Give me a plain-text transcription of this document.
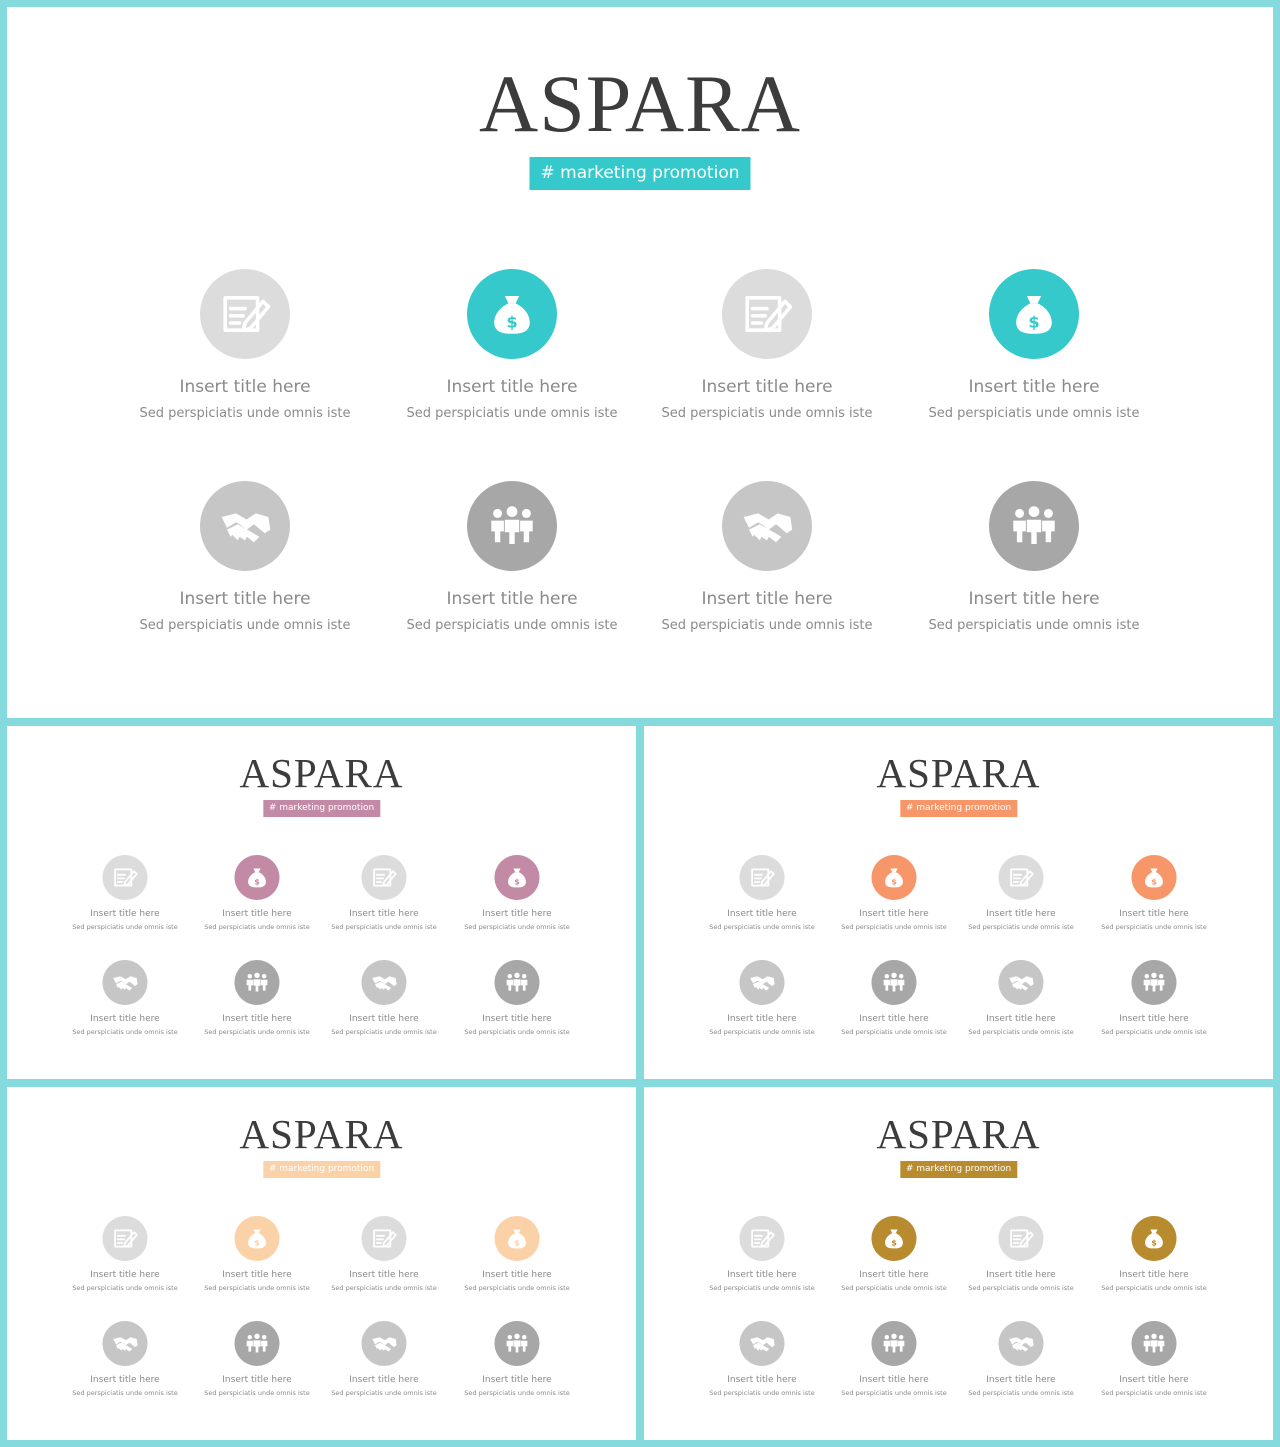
ASPARA
# marketing promotion
Insert title here
Sed perspiciatis unde omnis iste
$
Insert title here
Sed perspiciatis unde omnis iste
Insert title here
Sed perspiciatis unde omnis iste
$
Insert title here
Sed perspiciatis unde omnis iste
Insert title here
Sed perspiciatis unde omnis iste
Insert title here
Sed perspiciatis unde omnis iste
Insert title here
Sed perspiciatis unde omnis iste
Insert title here
Sed perspiciatis unde omnis iste
ASPARA
# marketing promotion
Insert title here
Sed perspiciatis unde omnis iste
$
Insert title here
Sed perspiciatis unde omnis iste
Insert title here
Sed perspiciatis unde omnis iste
$
Insert title here
Sed perspiciatis unde omnis iste
Insert title here
Sed perspiciatis unde omnis iste
Insert title here
Sed perspiciatis unde omnis iste
Insert title here
Sed perspiciatis unde omnis iste
Insert title here
Sed perspiciatis unde omnis iste
ASPARA
# marketing promotion
Insert title here
Sed perspiciatis unde omnis iste
$
Insert title here
Sed perspiciatis unde omnis iste
Insert title here
Sed perspiciatis unde omnis iste
$
Insert title here
Sed perspiciatis unde omnis iste
Insert title here
Sed perspiciatis unde omnis iste
Insert title here
Sed perspiciatis unde omnis iste
Insert title here
Sed perspiciatis unde omnis iste
Insert title here
Sed perspiciatis unde omnis iste
ASPARA
# marketing promotion
Insert title here
Sed perspiciatis unde omnis iste
$
Insert title here
Sed perspiciatis unde omnis iste
Insert title here
Sed perspiciatis unde omnis iste
$
Insert title here
Sed perspiciatis unde omnis iste
Insert title here
Sed perspiciatis unde omnis iste
Insert title here
Sed perspiciatis unde omnis iste
Insert title here
Sed perspiciatis unde omnis iste
Insert title here
Sed perspiciatis unde omnis iste
ASPARA
# marketing promotion
Insert title here
Sed perspiciatis unde omnis iste
$
Insert title here
Sed perspiciatis unde omnis iste
Insert title here
Sed perspiciatis unde omnis iste
$
Insert title here
Sed perspiciatis unde omnis iste
Insert title here
Sed perspiciatis unde omnis iste
Insert title here
Sed perspiciatis unde omnis iste
Insert title here
Sed perspiciatis unde omnis iste
Insert title here
Sed perspiciatis unde omnis iste
